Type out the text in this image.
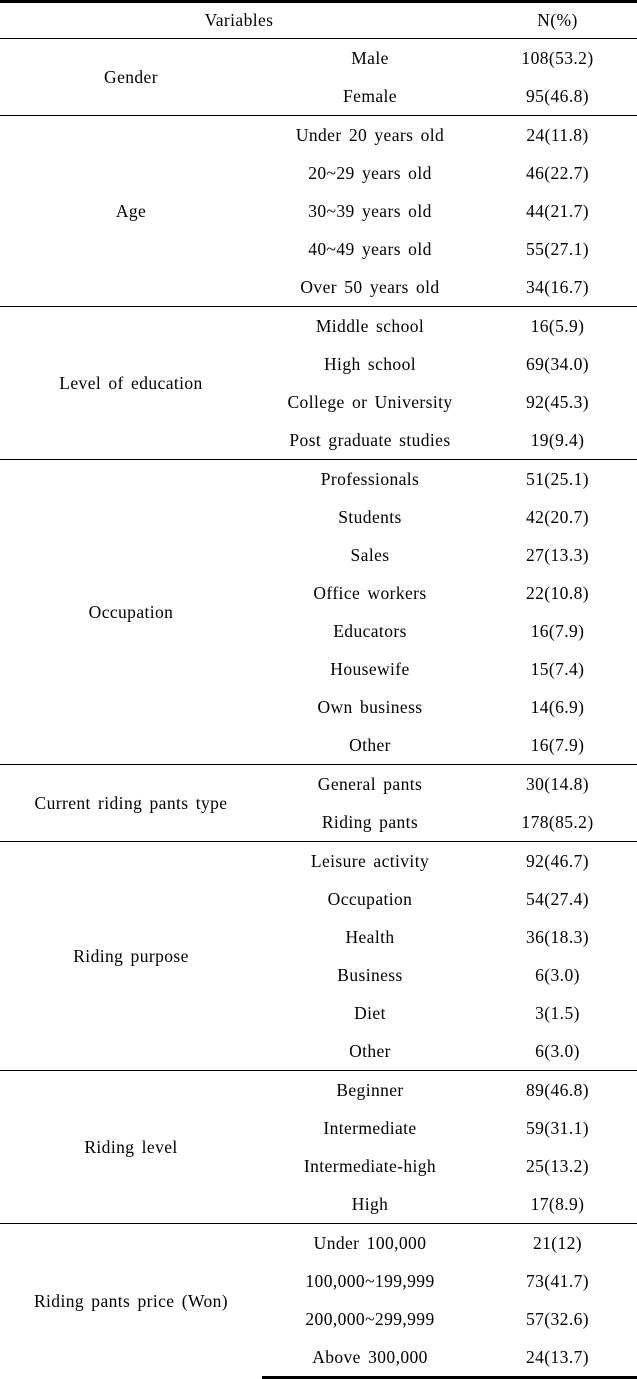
Variables		N(%)
Gender	Male	108(53.2)
	Female	95(46.8)
Age	Under 20 years old	24(11.8)
	20~29 years old	46(22.7)
	30~39 years old	44(21.7)
	40~49 years old	55(27.1)
	Over 50 years old	34(16.7)
Level of education	Middle school	16(5.9)
	High school	69(34.0)
	College or University	92(45.3)
	Post graduate studies	19(9.4)
Occupation	Professionals	51(25.1)
	Students	42(20.7)
	Sales	27(13.3)
	Office workers	22(10.8)
	Educators	16(7.9)
	Housewife	15(7.4)
	Own business	14(6.9)
	Other	16(7.9)
Current riding pants type	General pants	30(14.8)
	Riding pants	178(85.2)
Riding purpose	Leisure activity	92(46.7)
	Occupation	54(27.4)
	Health	36(18.3)
	Business	6(3.0)
	Diet	3(1.5)
	Other	6(3.0)
Riding level	Beginner	89(46.8)
	Intermediate	59(31.1)
	Intermediate-high	25(13.2)
	High	17(8.9)
Riding pants price (Won)	Under 100,000	21(12)
	100,000~199,999	73(41.7)
	200,000~299,999	57(32.6)
	Above 300,000	24(13.7)
